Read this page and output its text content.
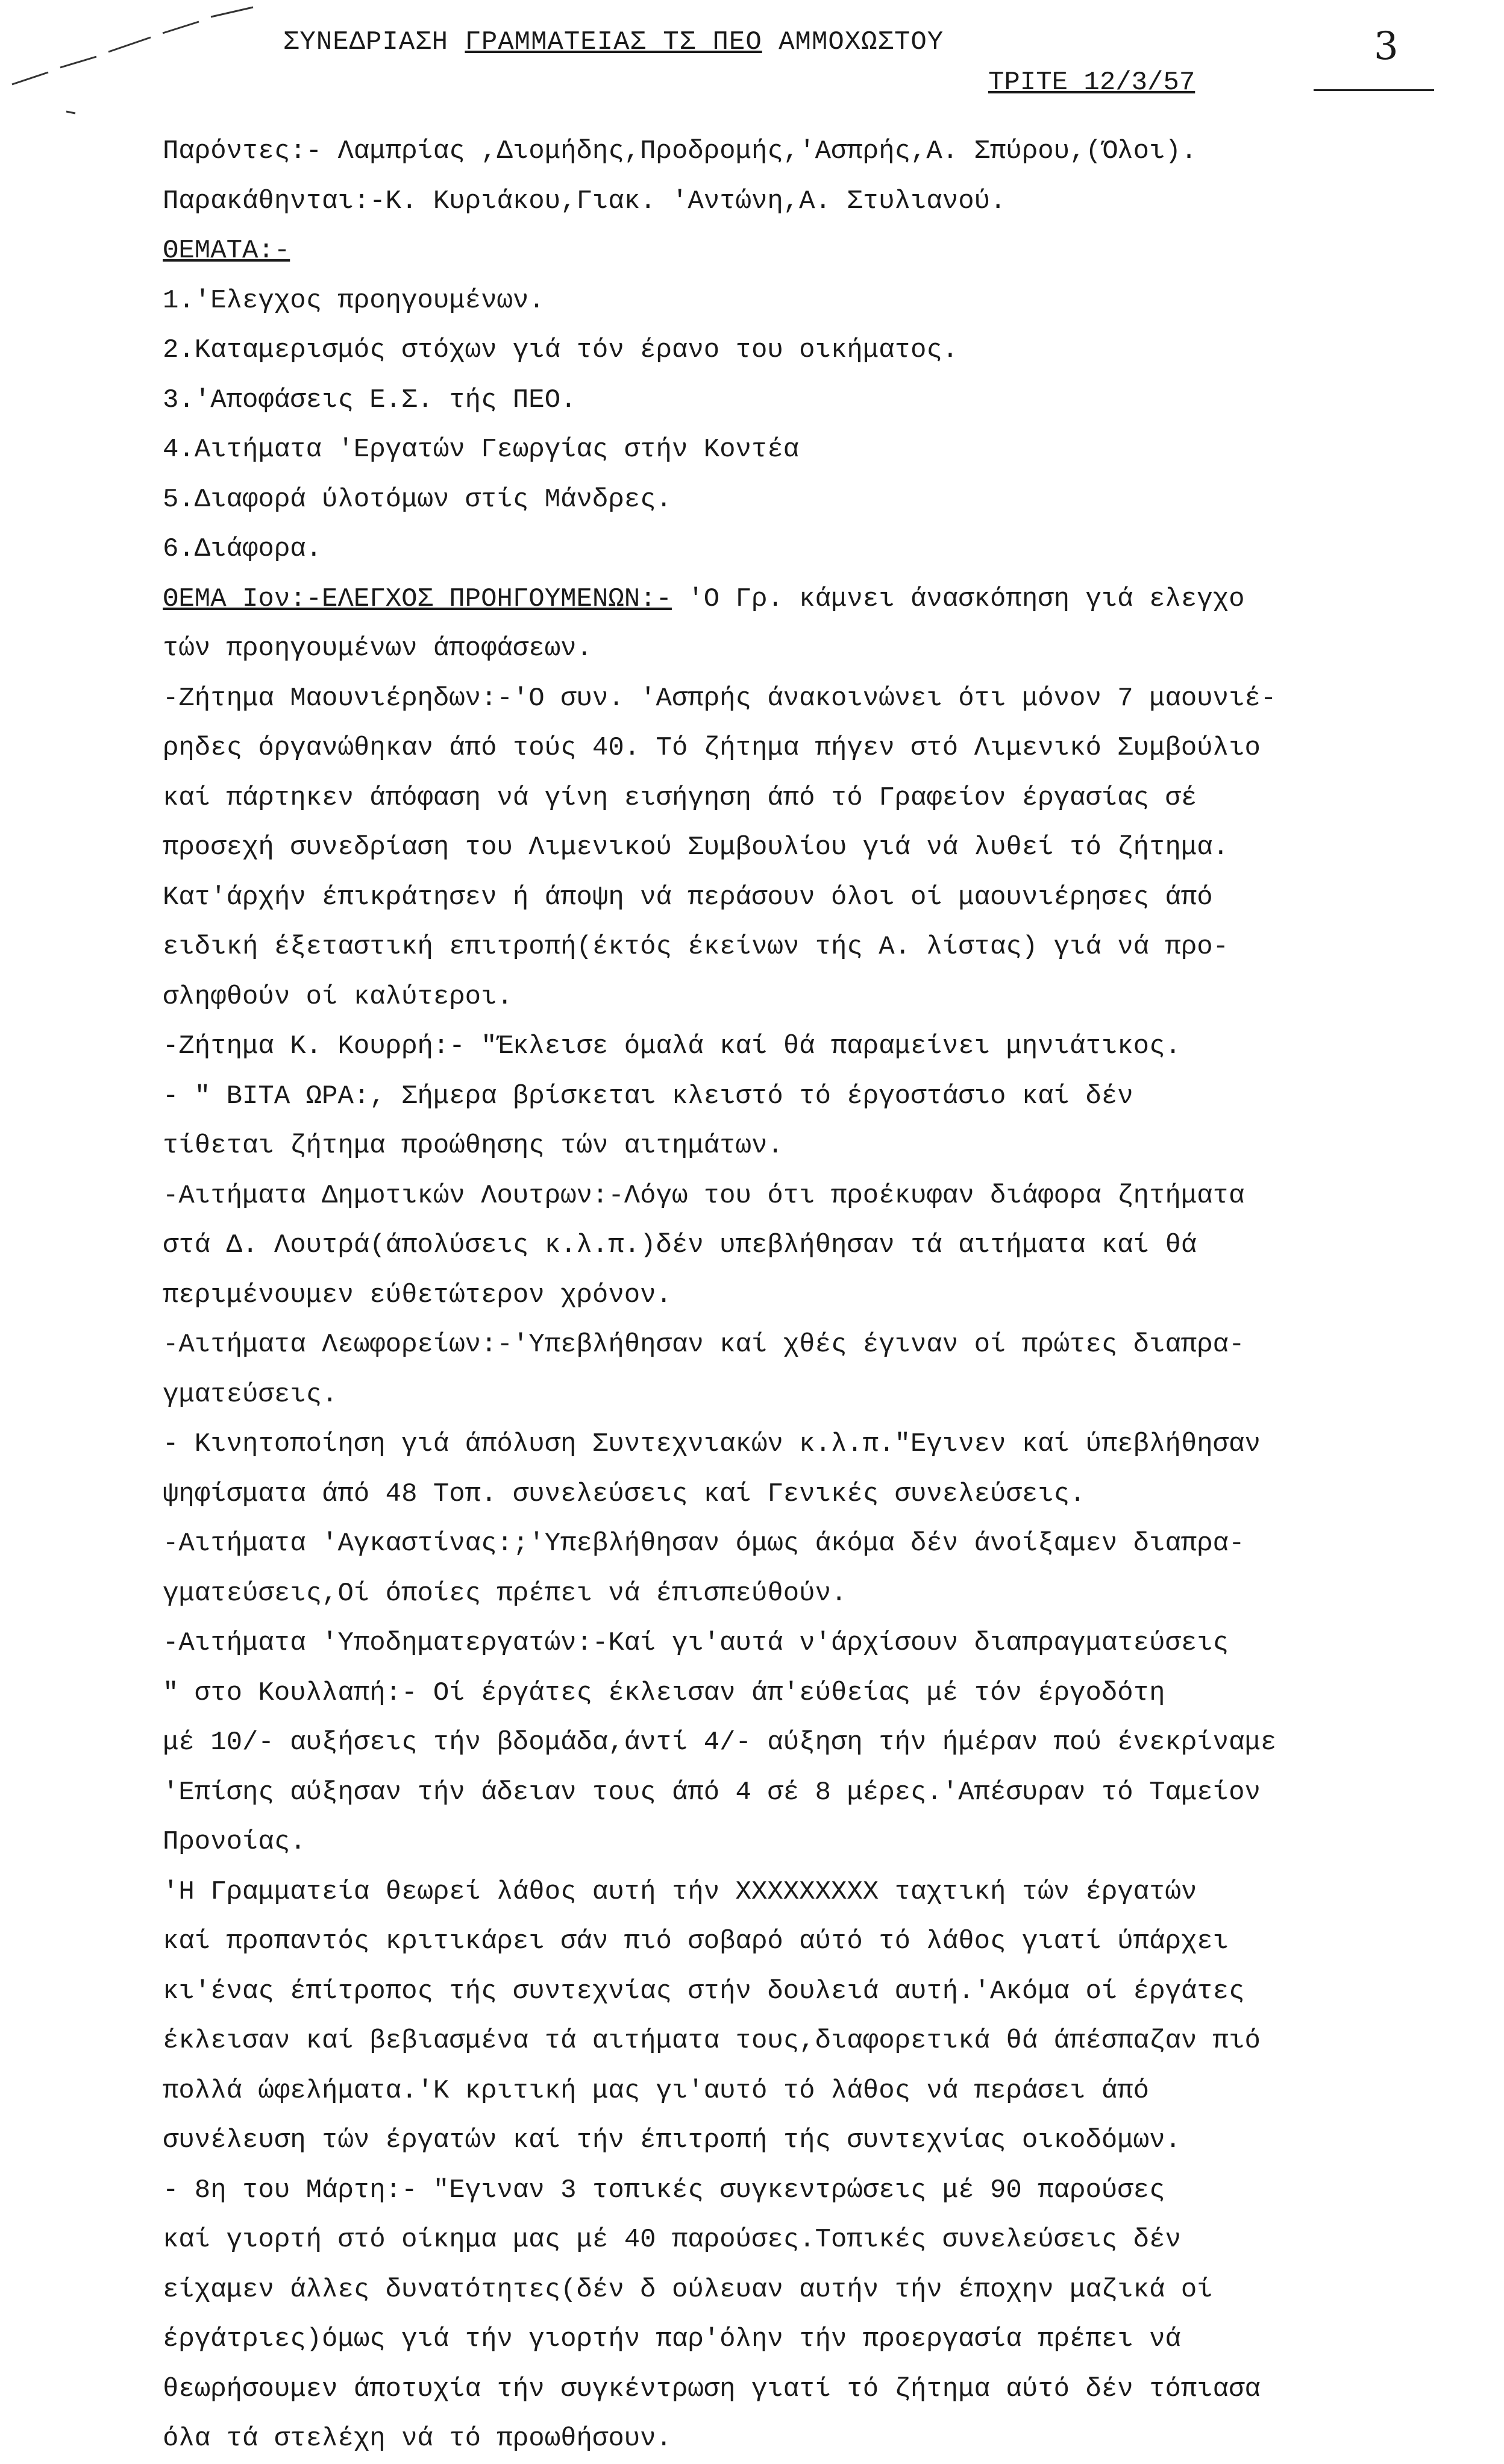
ΣΥΝΕΔΡΙΑΣΗ ΓΡΑΜΜΑΤΕΙΑΣ ΤΣ ΠΕΟ ΑΜΜΟΧΩΣΤΟΥ	3
ΤΡΙΤΕ 12/3/57
Παρόντες:- Λαμπρίας ,Διομήδης,Προδρομής,'Ασπρής,Α. Σπύρου,(Όλοι).
Παρακάθηνται:-Κ. Κυριάκου,Γιακ. 'Αντώνη,Α. Στυλιανού.
ΘΕΜΑΤΑ:-
1.'Ελεγχος προηγουμένων.
2.Καταμερισμός στόχων γιά τόν έρανο του οικήματος.
3.'Αποφάσεις Ε.Σ. τής ΠΕΟ.
4.Αιτήματα 'Εργατών Γεωργίας στήν Κοντέα
5.Διαφορά ύλοτόμων στίς Μάνδρες.
6.Διάφορα.
ΘΕΜΑ Ιον:-ΕΛΕΓΧΟΣ ΠΡΟΗΓΟΥΜΕΝΩΝ:- 'Ο Γρ. κάμνει άνασκόπηση γιά ελεγχο
τών προηγουμένων άποφάσεων.
-Ζήτημα Μαουνιέρηδων:-'Ο συν. 'Ασπρής άνακοινώνει ότι μόνον 7 μαουνιέ-
ρηδες όργανώθηκαν άπό τούς 40. Τό ζήτημα πήγεν στό Λιμενικό Συμβούλιο
καί πάρτηκεν άπόφαση νά γίνη εισήγηση άπό τό Γραφείον έργασίας σέ
προσεχή συνεδρίαση του Λιμενικού Συμβουλίου γιά νά λυθεί τό ζήτημα.
Κατ'άρχήν έπικράτησεν ή άποψη νά περάσουν όλοι οί μαουνιέρησες άπό
ειδική έξεταστική επιτροπή(έκτός έκείνων τής Α. λίστας) γιά νά προ-
σληφθούν οί καλύτεροι.
-Ζήτημα Κ. Κουρρή:- "Έκλεισε όμαλά καί θά παραμείνει μηνιάτικος.
- " ΒΙΤΑ ΩΡΑ:, Σήμερα βρίσκεται κλειστό τό έργοστάσιο καί δέν
τίθεται ζήτημα προώθησης τών αιτημάτων.
-Αιτήματα Δημοτικών Λουτρων:-Λόγω του ότι προέκυφαν διάφορα ζητήματα
στά Δ. Λουτρά(άπολύσεις κ.λ.π.)δέν υπεβλήθησαν τά αιτήματα καί θά
περιμένουμεν εύθετώτερον χρόνον.
-Αιτήματα Λεωφορείων:-'Υπεβλήθησαν καί χθές έγιναν οί πρώτες διαπρα-
γματεύσεις.
- Κινητοποίηση γιά άπόλυση Συντεχνιακών κ.λ.π."Εγινεν καί ύπεβλήθησαν
ψηφίσματα άπό 48 Τοπ. συνελεύσεις καί Γενικές συνελεύσεις.
-Αιτήματα 'Αγκαστίνας:;'Υπεβλήθησαν όμως άκόμα δέν άνοίξαμεν διαπρα-
γματεύσεις,Οί όποίες πρέπει νά έπισπεύθούν.
-Αιτήματα 'Υποδηματεργατών:-Καί γι'αυτά ν'άρχίσουν διαπραγματεύσεις
" στο Κουλλαπή:- Οί έργάτες έκλεισαν άπ'εύθείας μέ τόν έργοδότη
μέ 10/- αυξήσεις τήν βδομάδα,άντί 4/- αύξηση τήν ήμέραν πού ένεκρίναμε
'Επίσης αύξησαν τήν άδειαν τους άπό 4 σέ 8 μέρες.'Απέσυραν τό Ταμείον
Προνοίας.
'Η Γραμματεία θεωρεί λάθος αυτή τήν XXXXXXXXX ταχτική τών έργατών
καί προπαντός κριτικάρει σάν πιό σοβαρό αύτό τό λάθος γιατί ύπάρχει
κι'ένας έπίτροπος τής συντεχνίας στήν δουλειά αυτή.'Ακόμα οί έργάτες
έκλεισαν καί βεβιασμένα τά αιτήματα τους,διαφορετικά θά άπέσπαζαν πιό
πολλά ώφελήματα.'Κ κριτική μας γι'αυτό τό λάθος νά περάσει άπό
συνέλευση τών έργατών καί τήν έπιτροπή τής συντεχνίας οικοδόμων.
- 8η του Μάρτη:- "Εγιναν 3 τοπικές συγκεντρώσεις μέ 90 παρούσες
καί γιορτή στό οίκημα μας μέ 40 παρούσες.Τοπικές συνελεύσεις δέν
είχαμεν άλλες δυνατότητες(δέν δ ούλευαν αυτήν τήν έποχην μαζικά οί
έργάτριες)όμως γιά τήν γιορτήν παρ'όλην τήν προεργασία πρέπει νά
θεωρήσουμεν άποτυχία τήν συγκέντρωση γιατί τό ζήτημα αύτό δέν τόπιασα
όλα τά στελέχη νά τό προωθήσουν.
